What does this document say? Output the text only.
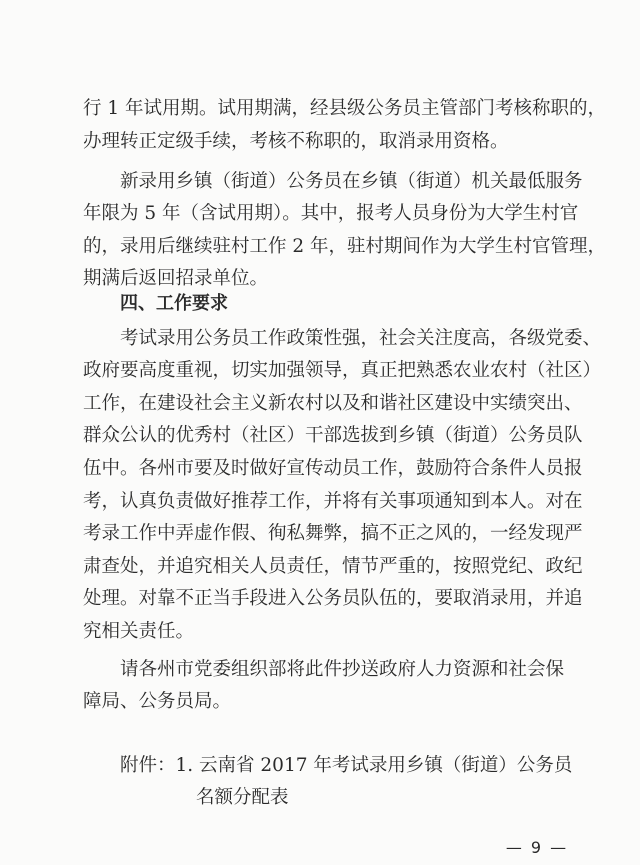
行 1 年试用期。试用期满，经县级公务员主管部门考核称职的，
办理转正定级手续，考核不称职的，取消录用资格。
新录用乡镇（街道）公务员在乡镇（街道）机关最低服务
年限为 5 年（含试用期）。其中，报考人员身份为大学生村官
的，录用后继续驻村工作 2 年，驻村期间作为大学生村官管理，
期满后返回招录单位。
四、工作要求
考试录用公务员工作政策性强，社会关注度高，各级党委、
政府要高度重视，切实加强领导，真正把熟悉农业农村（社区）
工作，在建设社会主义新农村以及和谐社区建设中实绩突出、
群众公认的优秀村（社区）干部选拔到乡镇（街道）公务员队
伍中。各州市要及时做好宣传动员工作，鼓励符合条件人员报
考，认真负责做好推荐工作，并将有关事项通知到本人。对在
考录工作中弄虚作假、徇私舞弊，搞不正之风的，一经发现严
肃查处，并追究相关人员责任，情节严重的，按照党纪、政纪
处理。对靠不正当手段进入公务员队伍的，要取消录用，并追
究相关责任。
请各州市党委组织部将此件抄送政府人力资源和社会保
障局、公务员局。
附件：1. 云南省 2017 年考试录用乡镇（街道）公务员
名额分配表
— 9 —
